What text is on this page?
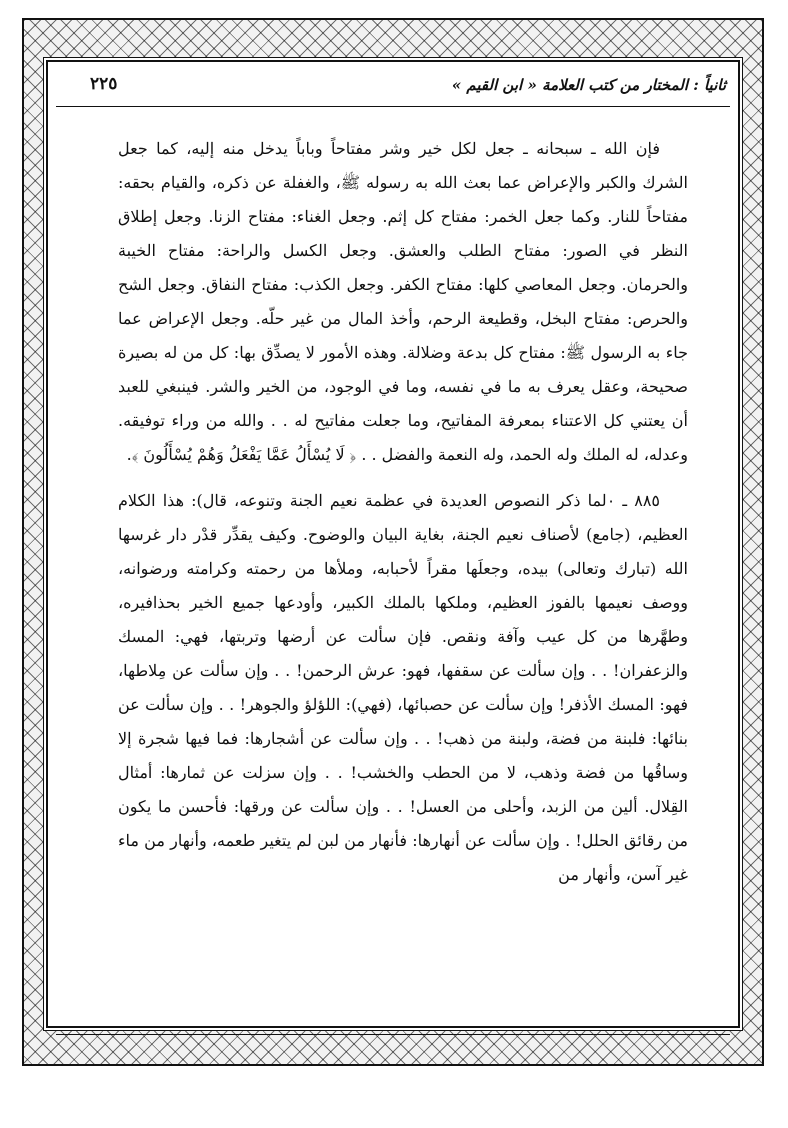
ثانياً : المختار من كتب العلامة « ابن القيم »
٢٢٥

فإن الله ـ سبحانه ـ جعل لكل خير وشر مفتاحاً وباباً يدخل منه إليه، كما جعل الشرك والكبر والإعراض عما بعث الله به رسوله ﷺ، والغفلة عن ذكره، والقيام بحقه: مفتاحاً للنار. وكما جعل الخمر: مفتاح كل إثم. وجعل الغناء: مفتاح الزنا. وجعل إطلاق النظر في الصور: مفتاح الطلب والعشق. وجعل الكسل والراحة: مفتاح الخيبة والحرمان. وجعل المعاصي كلها: مفتاح الكفر. وجعل الكذب: مفتاح النفاق. وجعل الشح والحرص: مفتاح البخل، وقطيعة الرحم، وأخذ المال من غير حلّه. وجعل الإعراض عما جاء به الرسول ﷺ: مفتاح كل بدعة وضلالة. وهذه الأمور لا يصدِّق بها: كل من له بصيرة صحيحة، وعقل يعرف به ما في نفسه، وما في الوجود، من الخير والشر. فينبغي للعبد أن يعتني كل الاعتناء بمعرفة المفاتيح، وما جعلت مفاتيح له . . والله من وراء توفيقه. وعدله، له الملك وله الحمد، وله النعمة والفضل . . ﴿ لَا يُسْأَلُ عَمَّا يَفْعَلُ وَهُمْ يُسْأَلُونَ ﴾.

٨٨٥ ـ ٠لما ذكر النصوص العديدة في عظمة نعيم الجنة وتنوعه، قال): هذا الكلام العظيم، (جامع) لأصناف نعيم الجنة، بغاية البيان والوضوح. وكيف يقدِّر قدْر دار غرسها الله (تبارك وتعالى) بيده، وجعلَها مقراً لأحبابه، وملأها من رحمته وكرامته ورضوانه، ووصف نعيمها بالفوز العظيم، وملكها بالملك الكبير، وأودعها جميع الخير بحذافيره، وطهَّرها من كل عيب وآفة ونقص. فإن سألت عن أرضها وتربتها، فهي: المسك والزعفران! . . وإن سألت عن سقفها، فهو: عرش الرحمن! . . وإن سألت عن مِلاطها، فهو: المسك الأذفر! وإن سألت عن حصبائها، (فهي): اللؤلؤ والجوهر! . . وإن سألت عن بنائها: فلبنة من فضة، ولبنة من ذهب! . . وإن سألت عن أشجارها: فما فيها شجرة إلا وساقُها من فضة وذهب، لا من الحطب والخشب! . . وإن سزلت عن ثمارها: أمثال القِلال. ألين من الزبد، وأحلى من العسل! . . وإن سألت عن ورقها: فأحسن ما يكون من رقائق الحلل! . وإن سألت عن أنهارها: فأنهار من لبن لم يتغير طعمه، وأنهار من ماء غير آسن، وأنهار من
